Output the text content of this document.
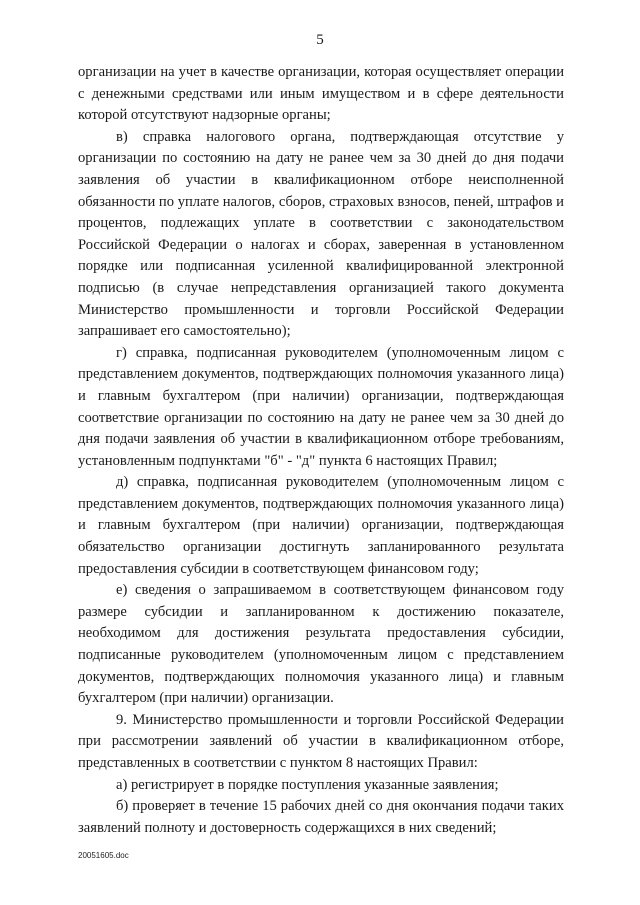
5

организации на учет в качестве организации, которая осуществляет операции с денежными средствами или иным имуществом и в сфере деятельности которой отсутствуют надзорные органы;

в) справка налогового органа, подтверждающая отсутствие у организации по состоянию на дату не ранее чем за 30 дней до дня подачи заявления об участии в квалификационном отборе неисполненной обязанности по уплате налогов, сборов, страховых взносов, пеней, штрафов и процентов, подлежащих уплате в соответствии с законодательством Российской Федерации о налогах и сборах, заверенная в установленном порядке или подписанная усиленной квалифицированной электронной подписью (в случае непредставления организацией такого документа Министерство промышленности и торговли Российской Федерации запрашивает его самостоятельно);

г) справка, подписанная руководителем (уполномоченным лицом с представлением документов, подтверждающих полномочия указанного лица) и главным бухгалтером (при наличии) организации, подтверждающая соответствие организации по состоянию на дату не ранее чем за 30 дней до дня подачи заявления об участии в квалификационном отборе требованиям, установленным подпунктами "б" - "д" пункта 6 настоящих Правил;

д) справка, подписанная руководителем (уполномоченным лицом с представлением документов, подтверждающих полномочия указанного лица) и главным бухгалтером (при наличии) организации, подтверждающая обязательство организации достигнуть запланированного результата предоставления субсидии в соответствующем финансовом году;

е) сведения о запрашиваемом в соответствующем финансовом году размере субсидии и запланированном к достижению показателе, необходимом для достижения результата предоставления субсидии, подписанные руководителем (уполномоченным лицом с представлением документов, подтверждающих полномочия указанного лица) и главным бухгалтером (при наличии) организации.

9. Министерство промышленности и торговли Российской Федерации при рассмотрении заявлений об участии в квалификационном отборе, представленных в соответствии с пунктом 8 настоящих Правил:

а) регистрирует в порядке поступления указанные заявления;

б) проверяет в течение 15 рабочих дней со дня окончания подачи таких заявлений полноту и достоверность содержащихся в них сведений;

20051605.doc
